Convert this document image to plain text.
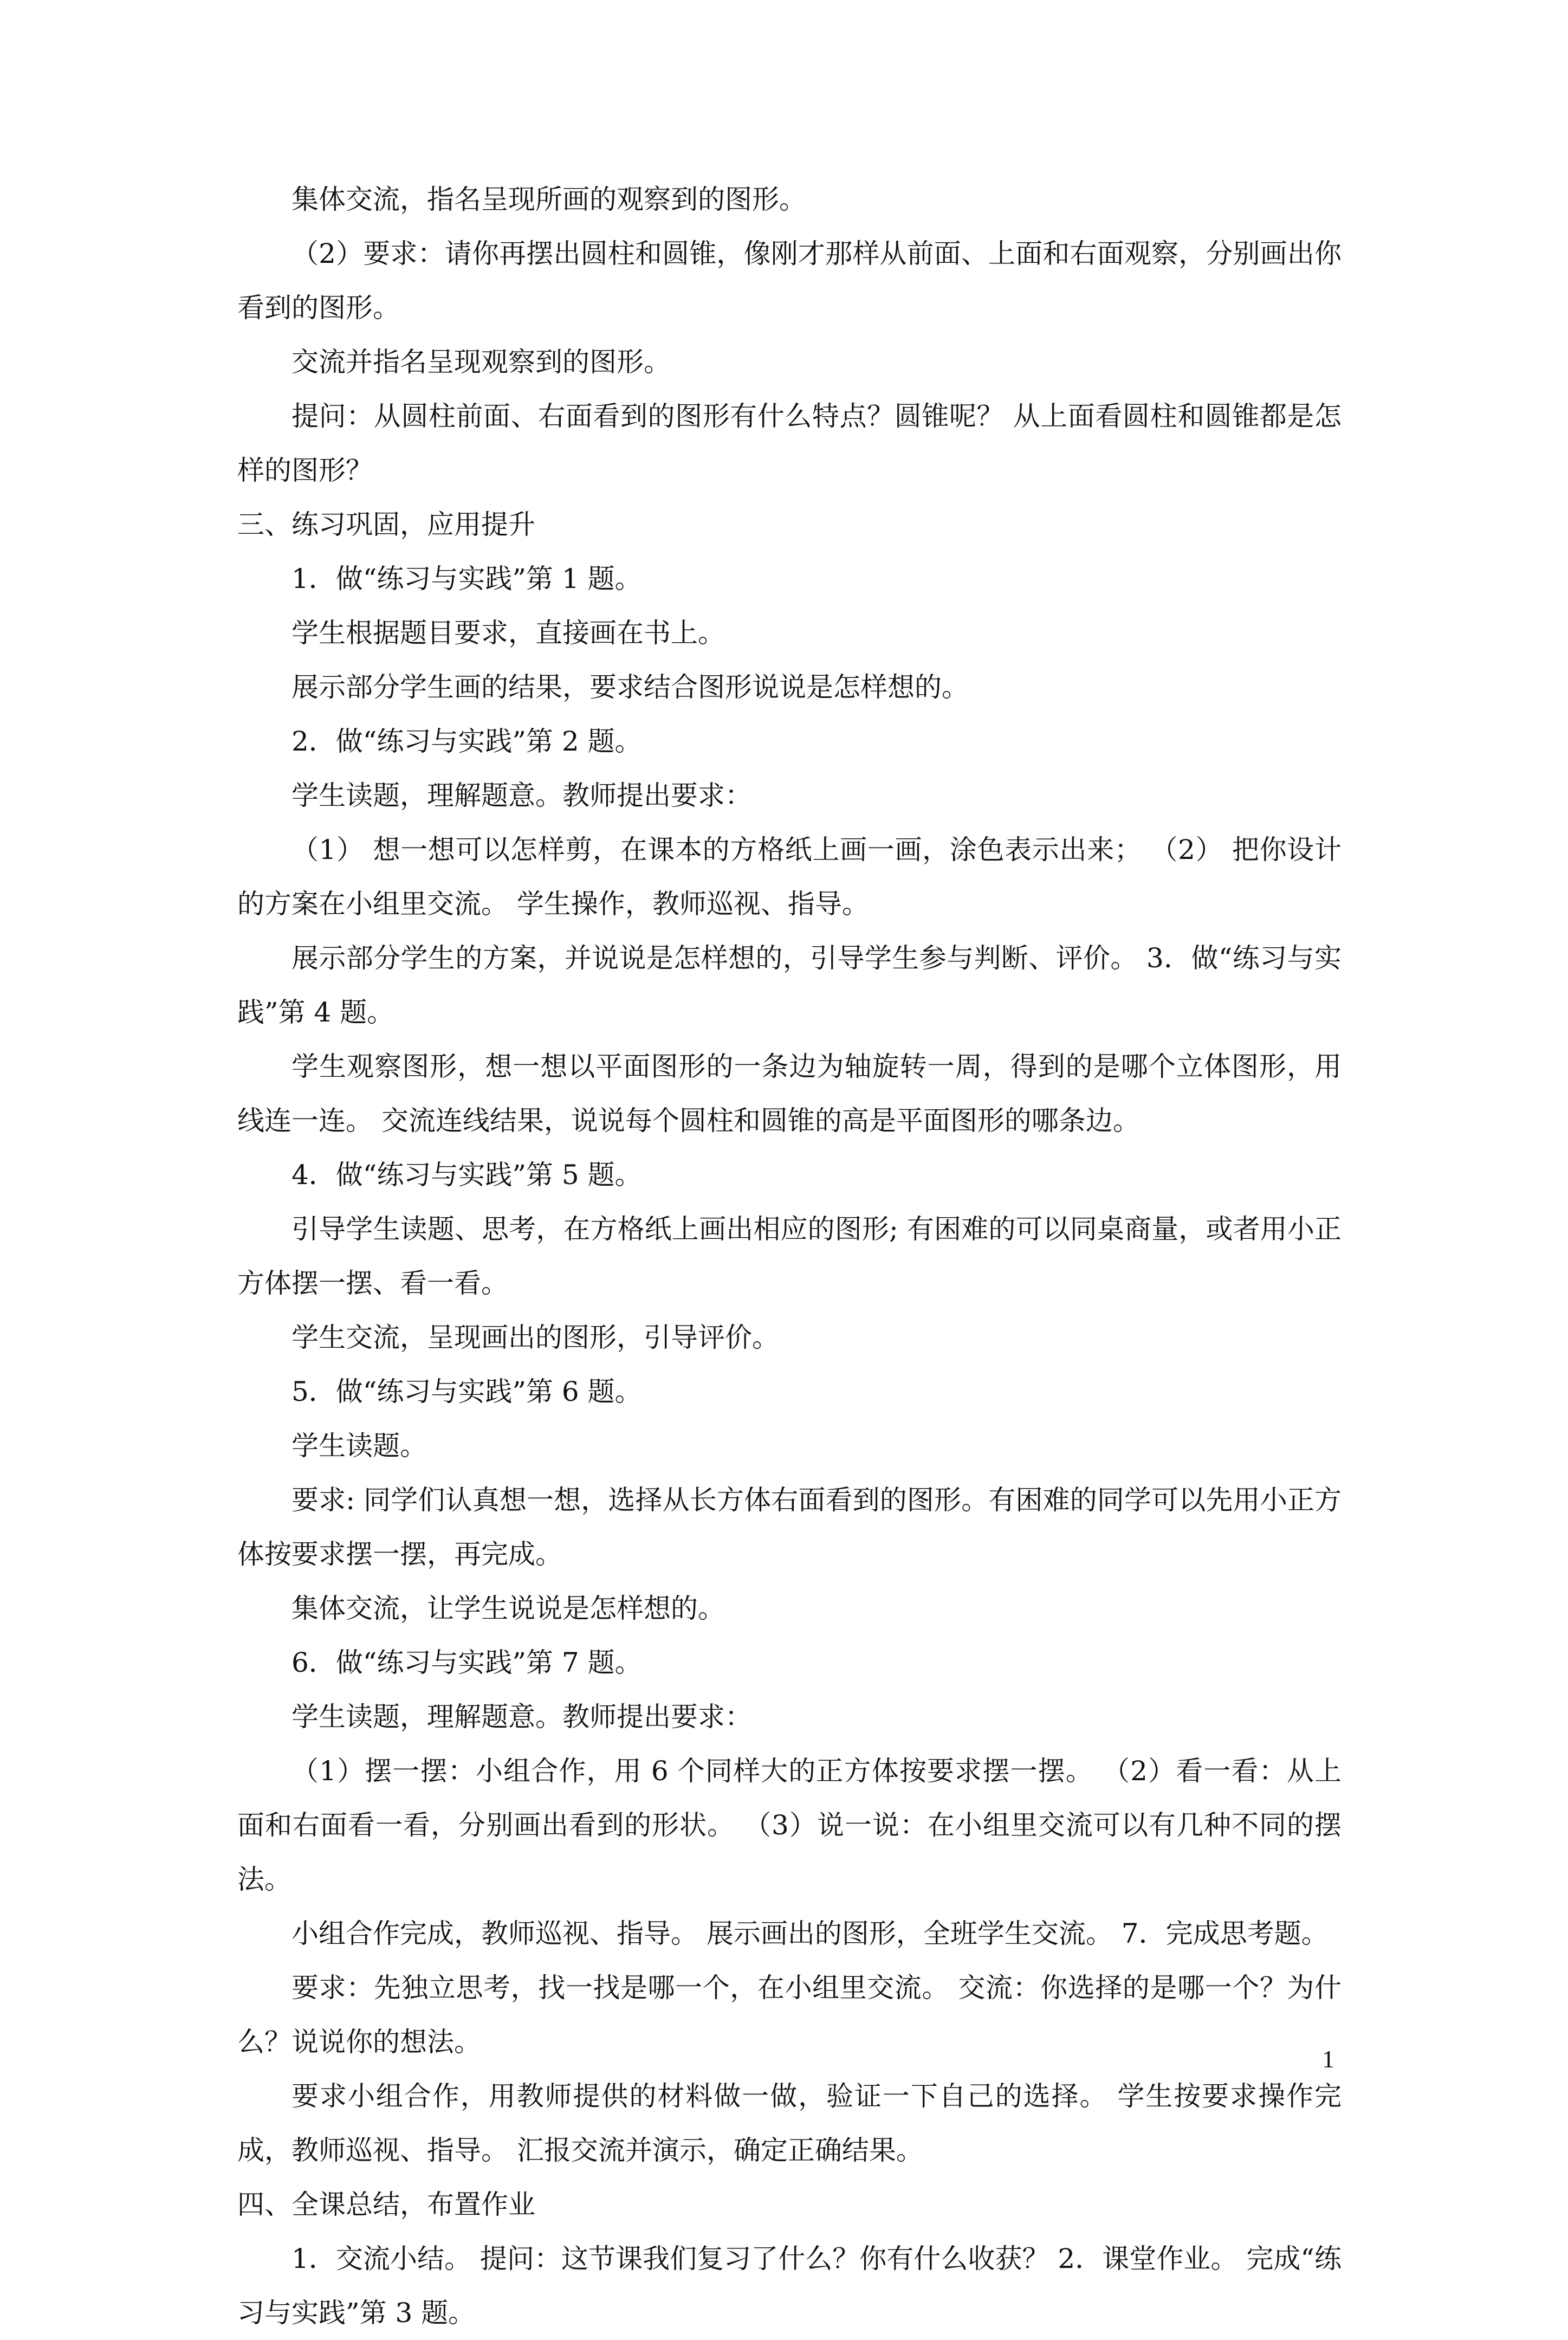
集体交流，指名呈现所画的观察到的图形。

（2）要求：请你再摆出圆柱和圆锥，像刚才那样从前面、上面和右面观察，分别画出你看到的图形。

交流并指名呈现观察到的图形。

提问：从圆柱前面、右面看到的图形有什么特点？圆锥呢？ 从上面看圆柱和圆锥都是怎样的图形？

三、练习巩固，应用提升

1．做“练习与实践”第 1 题。

学生根据题目要求，直接画在书上。

展示部分学生画的结果，要求结合图形说说是怎样想的。

2．做“练习与实践”第 2 题。

学生读题，理解题意。教师提出要求：

（1） 想一想可以怎样剪，在课本的方格纸上画一画，涂色表示出来； （2） 把你设计的方案在小组里交流。 学生操作，教师巡视、指导。

展示部分学生的方案，并说说是怎样想的，引导学生参与判断、评价。 3．做“练习与实践”第 4 题。

学生观察图形，想一想以平面图形的一条边为轴旋转一周，得到的是哪个立体图形，用线连一连。 交流连线结果，说说每个圆柱和圆锥的高是平面图形的哪条边。

4．做“练习与实践”第 5 题。

引导学生读题、思考，在方格纸上画出相应的图形; 有困难的可以同桌商量，或者用小正方体摆一摆、看一看。

学生交流，呈现画出的图形，引导评价。

5．做“练习与实践”第 6 题。

学生读题。

要求: 同学们认真想一想，选择从长方体右面看到的图形。有困难的同学可以先用小正方体按要求摆一摆，再完成。

集体交流，让学生说说是怎样想的。

6．做“练习与实践”第 7 题。

学生读题，理解题意。教师提出要求：

（1）摆一摆：小组合作，用 6 个同样大的正方体按要求摆一摆。 （2）看一看：从上面和右面看一看，分别画出看到的形状。 （3）说一说：在小组里交流可以有几种不同的摆法。

小组合作完成，教师巡视、指导。 展示画出的图形，全班学生交流。 7．完成思考题。

要求：先独立思考，找一找是哪一个，在小组里交流。 交流：你选择的是哪一个？为什么？说说你的想法。

要求小组合作，用教师提供的材料做一做，验证一下自己的选择。 学生按要求操作完成，教师巡视、指导。 汇报交流并演示，确定正确结果。

四、全课总结，布置作业

1．交流小结。 提问：这节课我们复习了什么？你有什么收获？ 2．课堂作业。 完成“练习与实践”第 3 题。

1
